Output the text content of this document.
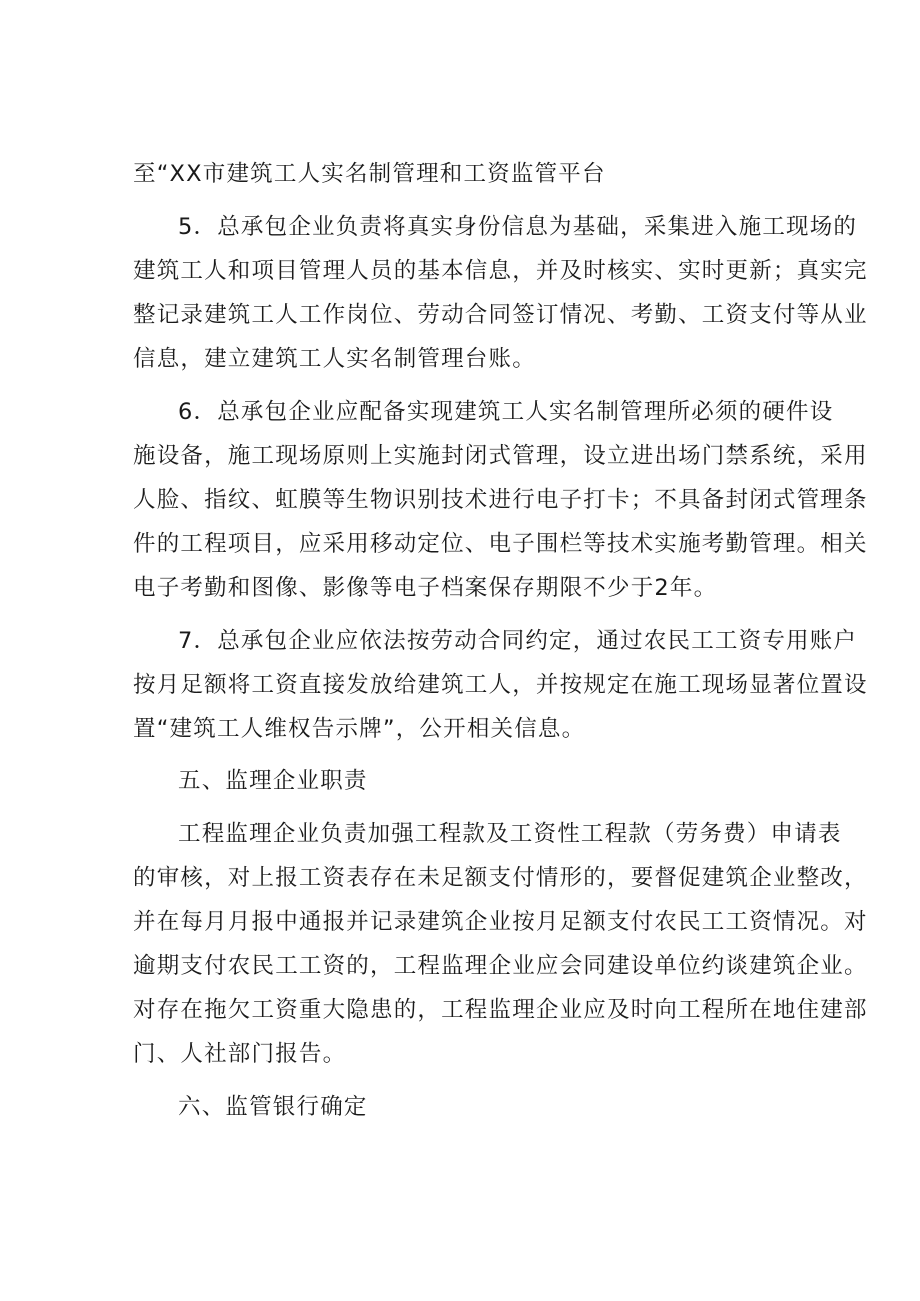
至“XX市建筑工人实名制管理和工资监管平台
5．总承包企业负责将真实身份信息为基础，采集进入施工现场的
建筑工人和项目管理人员的基本信息，并及时核实、实时更新；真实完
整记录建筑工人工作岗位、劳动合同签订情况、考勤、工资支付等从业
信息，建立建筑工人实名制管理台账。
6．总承包企业应配备实现建筑工人实名制管理所必须的硬件设
施设备，施工现场原则上实施封闭式管理，设立进出场门禁系统，采用
人脸、指纹、虹膜等生物识别技术进行电子打卡；不具备封闭式管理条
件的工程项目，应采用移动定位、电子围栏等技术实施考勤管理。相关
电子考勤和图像、影像等电子档案保存期限不少于2年。
7．总承包企业应依法按劳动合同约定，通过农民工工资专用账户
按月足额将工资直接发放给建筑工人，并按规定在施工现场显著位置设
置“建筑工人维权告示牌”，公开相关信息。
五、监理企业职责
工程监理企业负责加强工程款及工资性工程款（劳务费）申请表
的审核，对上报工资表存在未足额支付情形的，要督促建筑企业整改，
并在每月月报中通报并记录建筑企业按月足额支付农民工工资情况。对
逾期支付农民工工资的，工程监理企业应会同建设单位约谈建筑企业。
对存在拖欠工资重大隐患的，工程监理企业应及时向工程所在地住建部
门、人社部门报告。
六、监管银行确定
